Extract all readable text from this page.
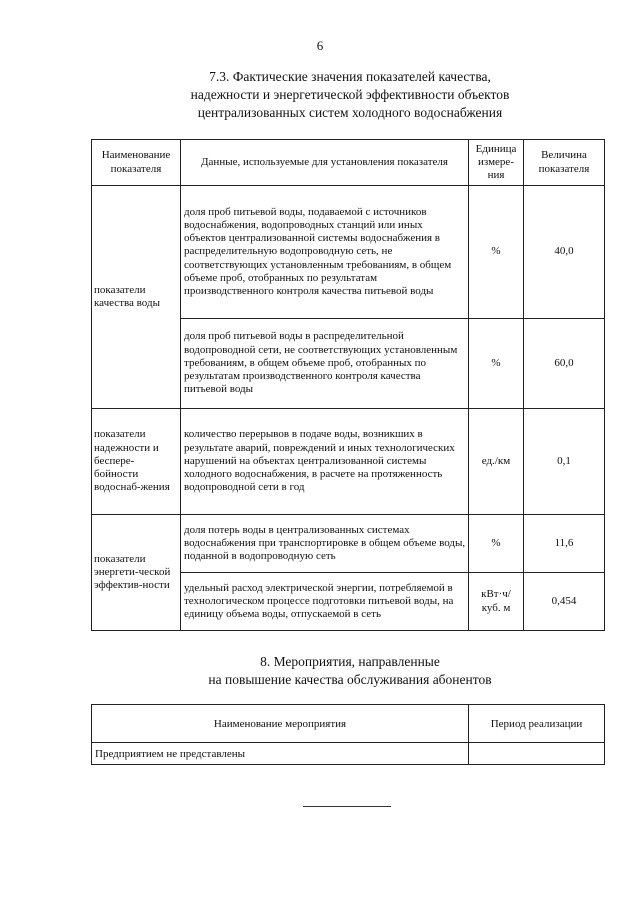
6
7.3. Фактические значения показателей качества,
надежности и энергетической эффективности объектов
централизованных систем холодного водоснабжения
Наименование показателя	Данные, используемые для установления показателя	Единица измере-ния	Величина показателя
показатели качества воды	доля проб питьевой воды, подаваемой с источников водоснабжения, водопроводных станций или иных объектов централизованной системы водоснабжения в распределительную водопроводную сеть, не соответствующих установленным требованиям, в общем объеме проб, отобранных по результатам производственного контроля качества питьевой воды	%	40,0
	доля проб питьевой воды в распределительной водопроводной сети, не соответствующих установленным требованиям, в общем объеме проб, отобранных по результатам производственного контроля качества питьевой воды	%	60,0
показатели надежности и беспере-бойности водоснаб-жения	количество перерывов в подаче воды, возникших в результате аварий, повреждений и иных технологических нарушений на объектах централизованной системы холодного водоснабжения, в расчете на протяженность водопроводной сети в год	ед./км	0,1
показатели энергети-ческой эффектив-ности	доля потерь воды в централизованных системах водоснабжения при транспортировке в общем объеме воды, поданной в водопроводную сеть	%	11,6
	удельный расход электрической энергии, потребляемой в технологическом процессе подготовки питьевой воды, на единицу объема воды, отпускаемой в сеть	кВт·ч/ куб. м	0,454
8. Мероприятия, направленные
на повышение качества обслуживания абонентов
Наименование мероприятия	Период реализации
Предприятием не представлены	
